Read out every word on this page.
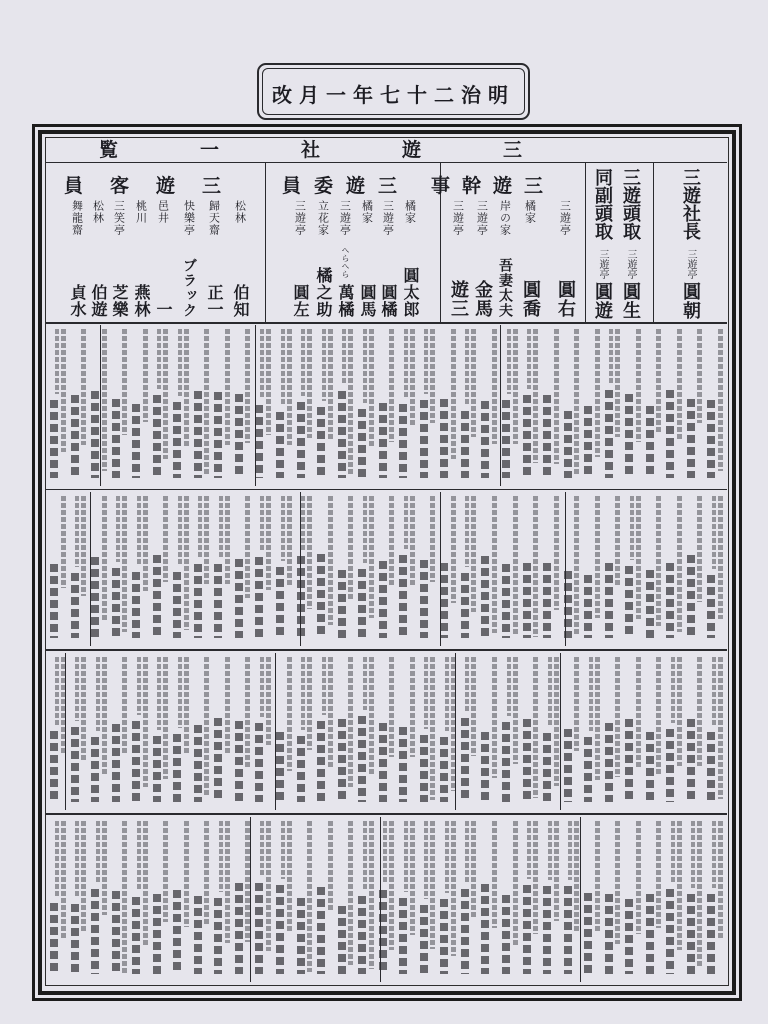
明治二十七年一月改
三遊社一覧
三遊社長
三遊亭
圓朝
三遊頭取
三遊亭
圓生
同副頭取
三遊亭
圓遊
三遊幹事
三遊委員
三遊客員
三遊亭
圓右
橘家
圓喬
岸の家
吾妻太夫
三遊亭
金馬
三遊亭
遊三
橘家
圓太郎
三遊亭
圓橘
橘家
圓馬
三遊亭
へらへら
萬橘
立花家
橘之助
三遊亭
圓左
松林
伯知
歸天齋
正一
快樂亭
ブラック
邑井
一
桃川
燕林
三笑亭
芝樂
松林
伯遊
舞龍齋
貞水
